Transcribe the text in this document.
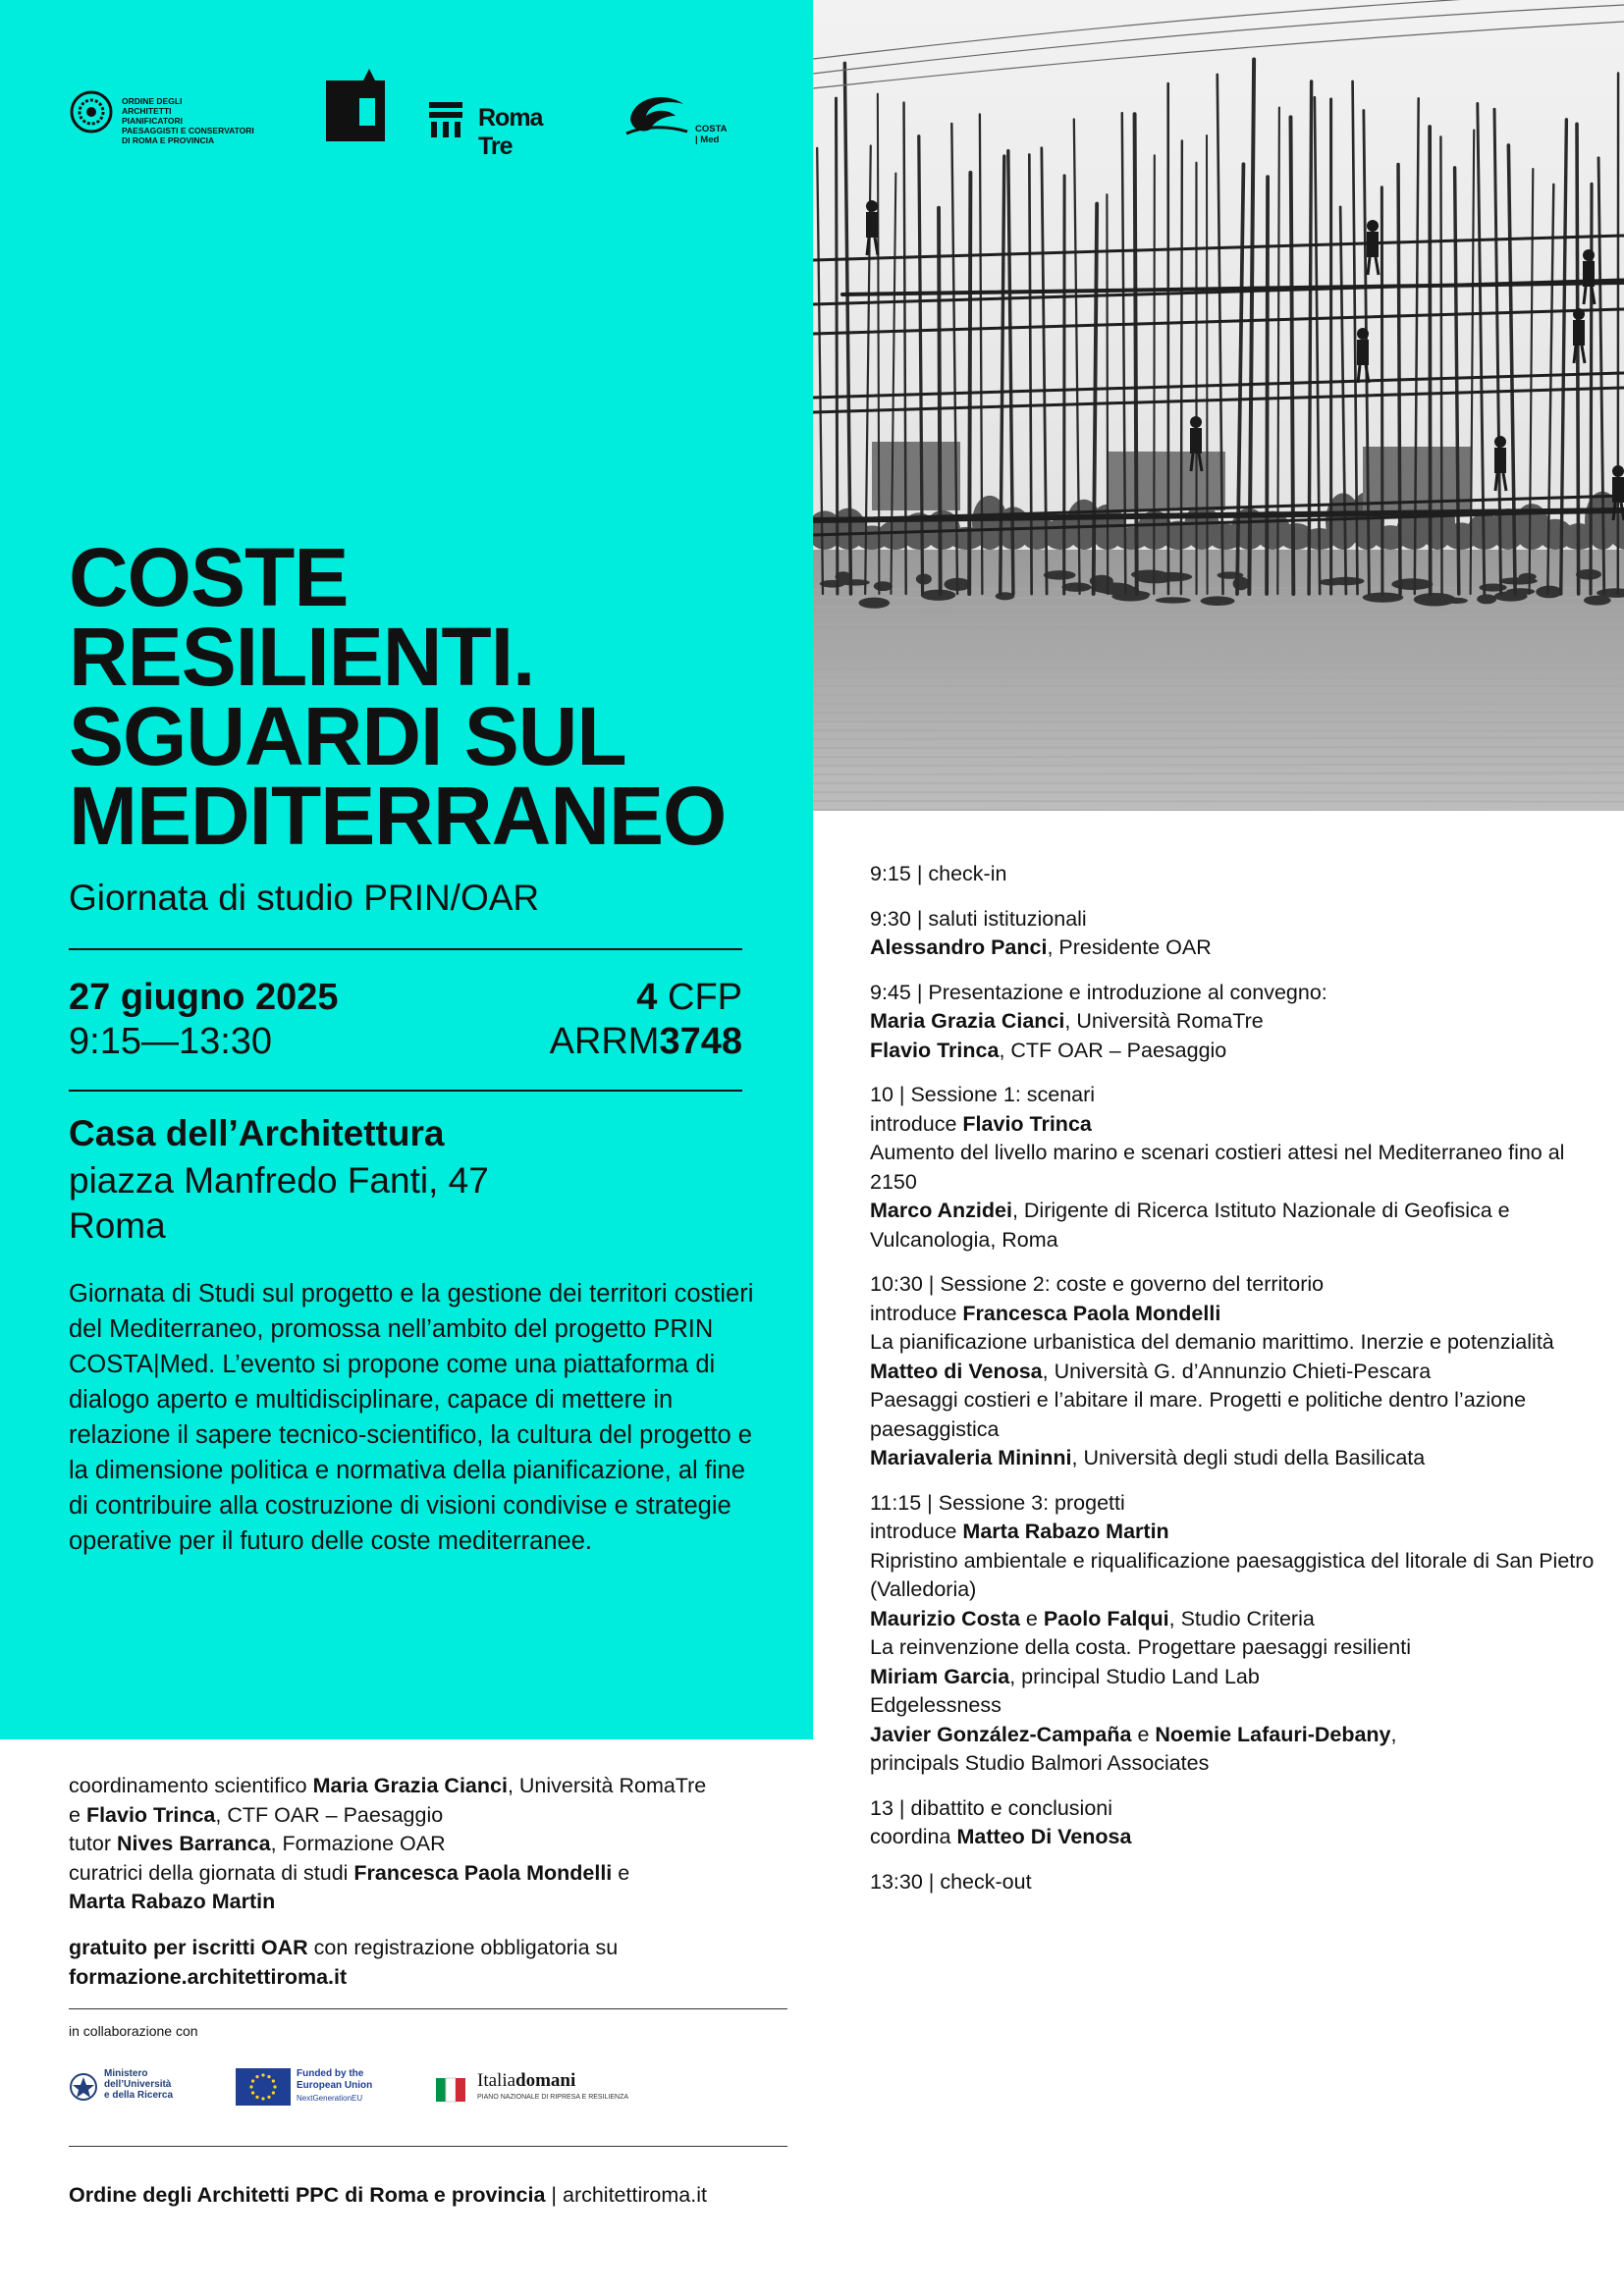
ORDINE DEGLI
ARCHITETTI
PIANIFICATORI
PAESAGGISTI E CONSERVATORI
DI ROMA E PROVINCIA
Roma Tre
COSTA | Med
COSTE
RESILIENTI.
SGUARDI SUL
MEDITERRANEO
Giornata di studio PRIN/OAR
27 giugno 2025
9:15—13:30
4 CFP
ARRM3748
Casa dell’Architettura
piazza Manfredo Fanti, 47
Roma
Giornata di Studi sul progetto e la gestione dei territori costieri del Mediterraneo, promossa nell’ambito del progetto PRIN COSTA|Med. L’evento si propone come una piattaforma di dialogo aperto e multidisciplinare, capace di mettere in relazione il sapere tecnico-scientifico, la cultura del progetto e la dimensione politica e normativa della pianificazione, al fine di contribuire alla costruzione di visioni condivise e strategie operative per il futuro delle coste mediterranee.
coordinamento scientifico Maria Grazia Cianci, Università RomaTre
e Flavio Trinca, CTF OAR – Paesaggio
tutor Nives Barranca, Formazione OAR
curatrici della giornata di studi Francesca Paola Mondelli e
Marta Rabazo Martin
gratuito per iscritti OAR con registrazione obbligatoria su
formazione.architettiroma.it
in collaborazione con
Ministero
dell’Università
e della Ricerca
Funded by the
European Union
NextGenerationEU
Italiadomani
PIANO NAZIONALE DI RIPRESA E RESILIENZA
Ordine degli Architetti PPC di Roma e provincia | architettiroma.it

9:15 | check-in

9:30 | saluti istituzionali

Alessandro Panci, Presidente OAR

9:45 | Presentazione e introduzione al convegno:

Maria Grazia Cianci, Università RomaTre

Flavio Trinca, CTF OAR – Paesaggio

10 | Sessione 1: scenari

introduce Flavio Trinca

Aumento del livello marino e scenari costieri attesi nel Mediterraneo fino al 2150

Marco Anzidei, Dirigente di Ricerca Istituto Nazionale di Geofisica e Vulcanologia, Roma

10:30 | Sessione 2: coste e governo del territorio

introduce Francesca Paola Mondelli

La pianificazione urbanistica del demanio marittimo. Inerzie e potenzialità

Matteo di Venosa, Università G. d’Annunzio Chieti-Pescara

Paesaggi costieri e l’abitare il mare. Progetti e politiche dentro l’azione paesaggistica

Mariavaleria Mininni, Università degli studi della Basilicata

11:15 | Sessione 3: progetti

introduce Marta Rabazo Martin

Ripristino ambientale e riqualificazione paesaggistica del litorale di San Pietro (Valledoria)

Maurizio Costa e Paolo Falqui, Studio Criteria

La reinvenzione della costa. Progettare paesaggi resilienti

Miriam Garcia, principal Studio Land Lab

Edgelessness

Javier González-Campaña e Noemie Lafauri-Debany,

principals Studio Balmori Associates

13 | dibattito e conclusioni

coordina Matteo Di Venosa

13:30 | check-out
